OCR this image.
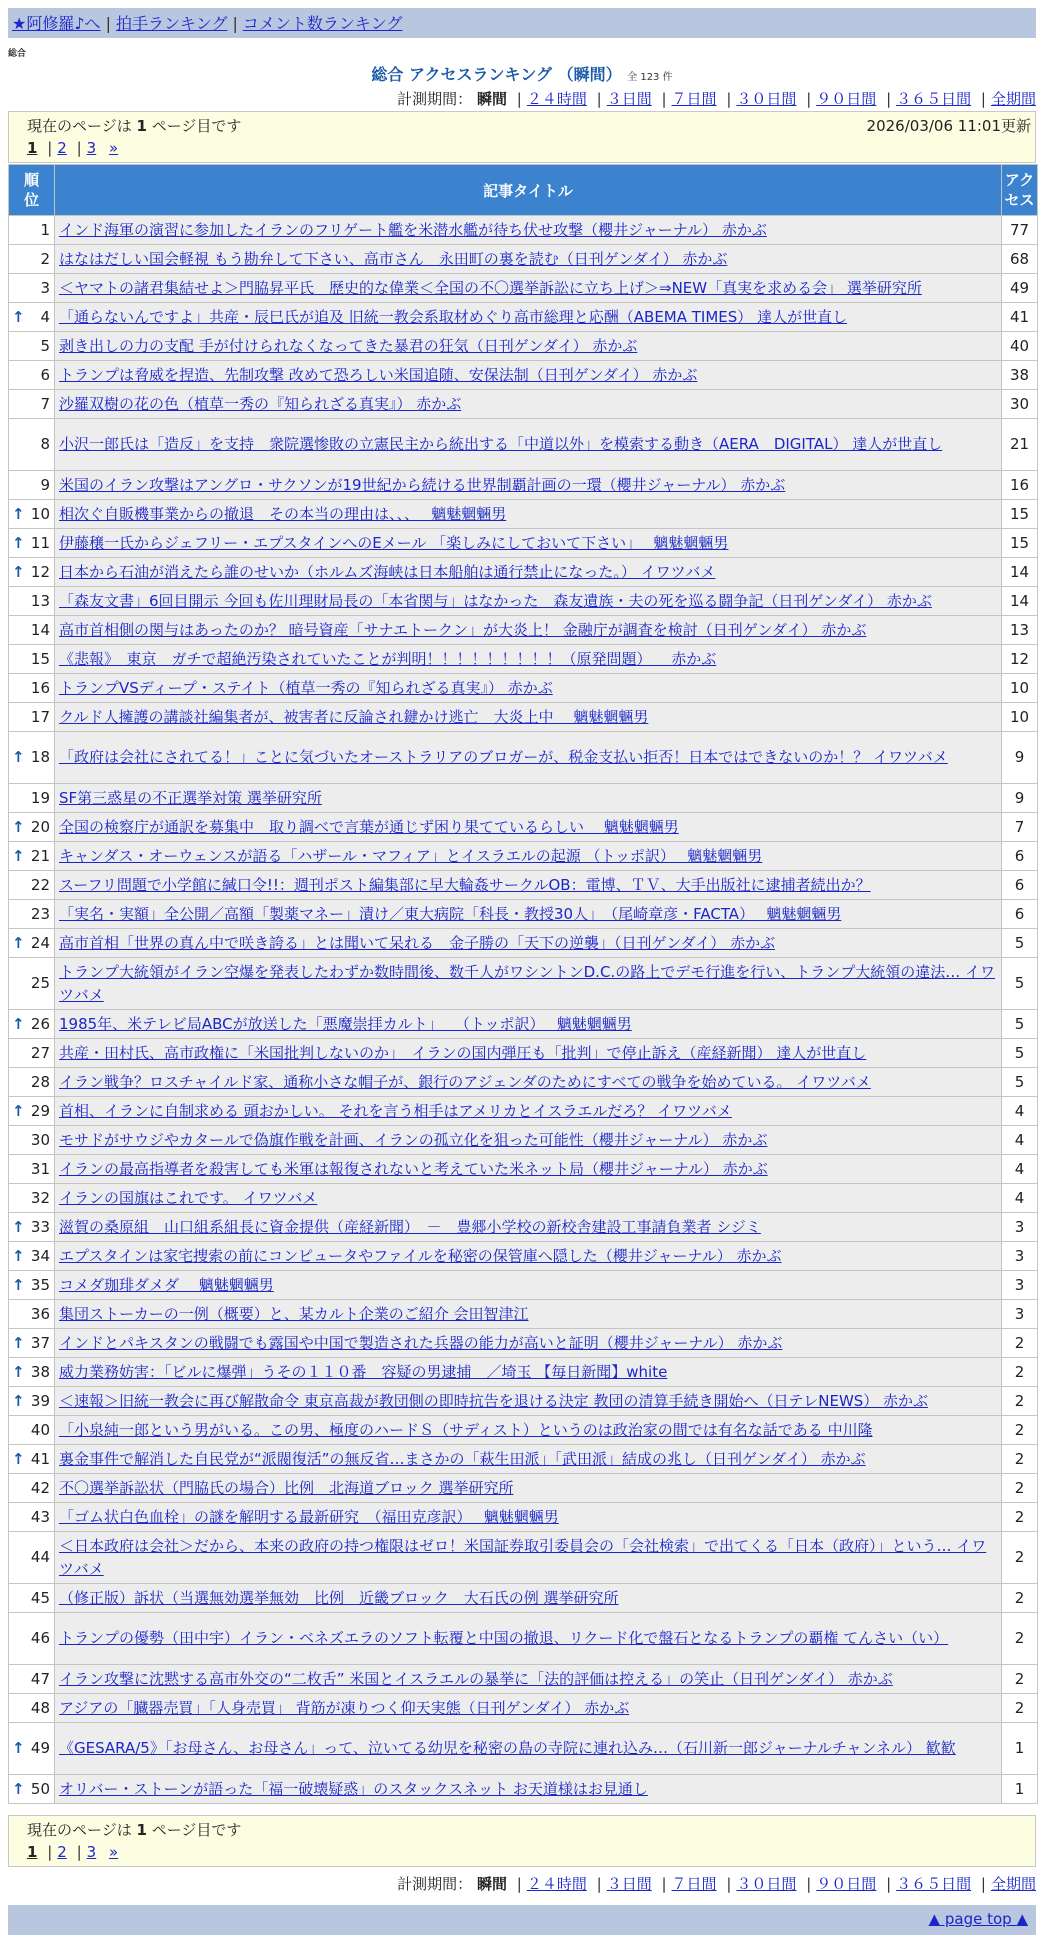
★阿修羅♪へ | 拍手ランキング | コメント数ランキング
総合
総合 アクセスランキング （瞬間） 全 123 件
計測期間： 瞬間 | ２４時間 | ３日間 | ７日間 | ３０日間 | ９０日間 | ３６５日間 | 全期間
現在のページは 1 ページ目です	2026/03/06 11:01更新
1 | 2 | 3 »
順位	記事タイトル	アクセス
1	インド海軍の演習に参加したイランのフリゲート艦を米潜水艦が待ち伏せ攻撃（櫻井ジャーナル） 赤かぶ	77
2	はなはだしい国会軽視 もう勘弁して下さい、高市さん　永田町の裏を読む（日刊ゲンダイ） 赤かぶ	68
3	＜ヤマトの諸君集結せよ＞門脇昇平氏　歴史的な偉業＜全国の不〇選挙訴訟に立ち上げ＞⇒NEW「真実を求める会」 選挙研究所	49

↑ 4	「通らないんですよ」共産・辰巳氏が追及 旧統一教会系取材めぐり高市総理と応酬（ABEMA TIMES） 達人が世直し	41
5	剥き出しの力の支配 手が付けられなくなってきた暴君の狂気（日刊ゲンダイ） 赤かぶ	40
6	トランプは脅威を捏造、先制攻撃 改めて恐ろしい米国追随、安保法制（日刊ゲンダイ） 赤かぶ	38
7	沙羅双樹の花の色（植草一秀の『知られざる真実』） 赤かぶ	30
8	小沢一郎氏は「造反」を支持　衆院選惨敗の立憲民主から統出する「中道以外」を模索する動き（AERA　DIGITAL） 達人が世直し	21
9	米国のイラン攻撃はアングロ・サクソンが19世紀から続ける世界制覇計画の一環（櫻井ジャーナル） 赤かぶ	16

↑ 10	相次ぐ自販機事業からの撤退　その本当の理由は、、、　 魑魅魍魎男	15

↑ 11	伊藤穣一氏からジェフリー・エプスタインへのEメール 「楽しみにしておいて下さい」　 魑魅魍魎男	15

↑ 12	日本から石油が消えたら誰のせいか（ホルムズ海峡は日本船舶は通行禁止になった。） イワツバメ	14
13	「森友文書」6回目開示 今回も佐川理財局長の「本省関与」はなかった　森友遺族・夫の死を巡る闘争記（日刊ゲンダイ） 赤かぶ	14
14	高市首相側の関与はあったのか？ 暗号資産「サナエトークン」が大炎上！ 金融庁が調査を検討（日刊ゲンダイ） 赤かぶ	13
15	《悲報》　東京　ガチで超絶汚染されていたことが判明！！！！！！！！！（原発問題） 　赤かぶ	12
16	トランプVSディープ・ステイト（植草一秀の『知られざる真実』） 赤かぶ	10
17	クルド人擁護の講談社編集者が、被害者に反論され鍵かけ逃亡　大炎上中　 魑魅魍魎男	10

↑ 18	「政府は会社にされてる！」ことに気づいたオーストラリアのブロガーが、税金支払い拒否！日本ではできないのか！？ イワツバメ	9
19	SF第三惑星の不正選挙対策 選挙研究所	9

↑ 20	全国の検察庁が通訳を募集中　取り調べで言葉が通じず困り果てているらしい　 魑魅魍魎男	7

↑ 21	キャンダス・オーウェンスが語る「ハザール・マフィア」とイスラエルの起源 （トッポ訳）　 魑魅魍魎男	6
22	スーフリ問題で小学館に緘口令!!：週刊ポスト編集部に早大輪姦サークルOB：電博、ＴＶ、大手出版社に逮捕者続出か？	6
23	「実名・実額」全公開／高額「製薬マネー」漬け／東大病院「科長・教授30人」　（尾崎章彦・FACTA）　 魑魅魍魎男	6

↑ 24	高市首相「世界の真ん中で咲き誇る」とは聞いて呆れる　金子勝の「天下の逆襲」（日刊ゲンダイ） 赤かぶ	5
25	トランプ大統領がイラン空爆を発表したわずか数時間後、数千人がワシントンD.C.の路上でデモ行進を行い、トランプ大統領の違法… イワツバメ	5

↑ 26	1985年、米テレビ局ABCが放送した「悪魔崇拝カルト」 　（トッポ訳）　 魑魅魍魎男	5
27	共産・田村氏、高市政権に「米国批判しないのか」　イランの国内弾圧も「批判」で停止訴え（産経新聞） 達人が世直し	5
28	イラン戦争？ロスチャイルド家、通称小さな帽子が、銀行のアジェンダのためにすべての戦争を始めている。 イワツバメ	5

↑ 29	首相、イランに自制求める 頭おかしい。 それを言う相手はアメリカとイスラエルだろ？ イワツバメ	4
30	モサドがサウジやカタールで偽旗作戦を計画、イランの孤立化を狙った可能性（櫻井ジャーナル） 赤かぶ	4
31	イランの最高指導者を殺害しても米軍は報復されないと考えていた米ネット局（櫻井ジャーナル） 赤かぶ	4
32	イランの国旗はこれです。 イワツバメ	4

↑ 33	滋賀の桑原組　山口組系組長に資金提供（産経新聞）　－　豊郷小学校の新校舎建設工事請負業者 シジミ	3

↑ 34	エプスタインは家宅捜索の前にコンピュータやファイルを秘密の保管庫へ隠した（櫻井ジャーナル） 赤かぶ	3

↑ 35	コメダ珈琲ダメダ　 魑魅魍魎男	3
36	集団ストーカーの一例（概要）と、某カルト企業のご紹介 会田智津江	3

↑ 37	インドとパキスタンの戦闘でも露国や中国で製造された兵器の能力が高いと証明（櫻井ジャーナル） 赤かぶ	2

↑ 38	威力業務妨害：「ビルに爆弾」うその１１０番　容疑の男逮捕　／埼玉 【毎日新聞】white	2

↑ 39	＜速報＞旧統一教会に再び解散命令 東京高裁が教団側の即時抗告を退ける決定 教団の清算手続き開始へ（日テレNEWS） 赤かぶ	2
40	「小泉純一郎という男がいる。この男、極度のハードＳ（サディスト）というのは政治家の間では有名な話である 中川隆	2

↑ 41	裏金事件で解消した自民党が“派閥復活”の無反省…まさかの「萩生田派」「武田派」結成の兆し（日刊ゲンダイ） 赤かぶ	2
42	不〇選挙訴訟状（門脇氏の場合）比例　北海道ブロック 選挙研究所	2
43	「ゴム状白色血栓」の謎を解明する最新研究　（福田克彦訳）　 魑魅魍魎男	2
44	＜日本政府は会社＞だから、本来の政府の持つ権限はゼロ！米国証券取引委員会の「会社検索」で出てくる「日本（政府）」という… イワツバメ	2
45	（修正版）訴状（当選無効選挙無効　比例　近畿ブロック　大石氏の例 選挙研究所	2
46	トランプの優勢（田中宇）イラン・ベネズエラのソフト転覆と中国の撤退、リクード化で盤石となるトランプの覇権 てんさい（い）	2
47	イラン攻撃に沈黙する高市外交の“二枚舌” 米国とイスラエルの暴挙に「法的評価は控える」の笑止（日刊ゲンダイ） 赤かぶ	2
48	アジアの「臓器売買」「人身売買」 背筋が凍りつく仰天実態（日刊ゲンダイ） 赤かぶ	2

↑ 49	《GESARA/5》「お母さん、お母さん」って、泣いてる幼児を秘密の島の寺院に連れ込み…（石川新一郎ジャーナルチャンネル） 歓歓	1

↑ 50	オリバー・ストーンが語った「福一破壊疑惑」のスタックスネット お天道様はお見通し	1
現在のページは 1 ページ目です
1 | 2 | 3 »
計測期間： 瞬間 | ２４時間 | ３日間 | ７日間 | ３０日間 | ９０日間 | ３６５日間 | 全期間
▲ page top ▲
